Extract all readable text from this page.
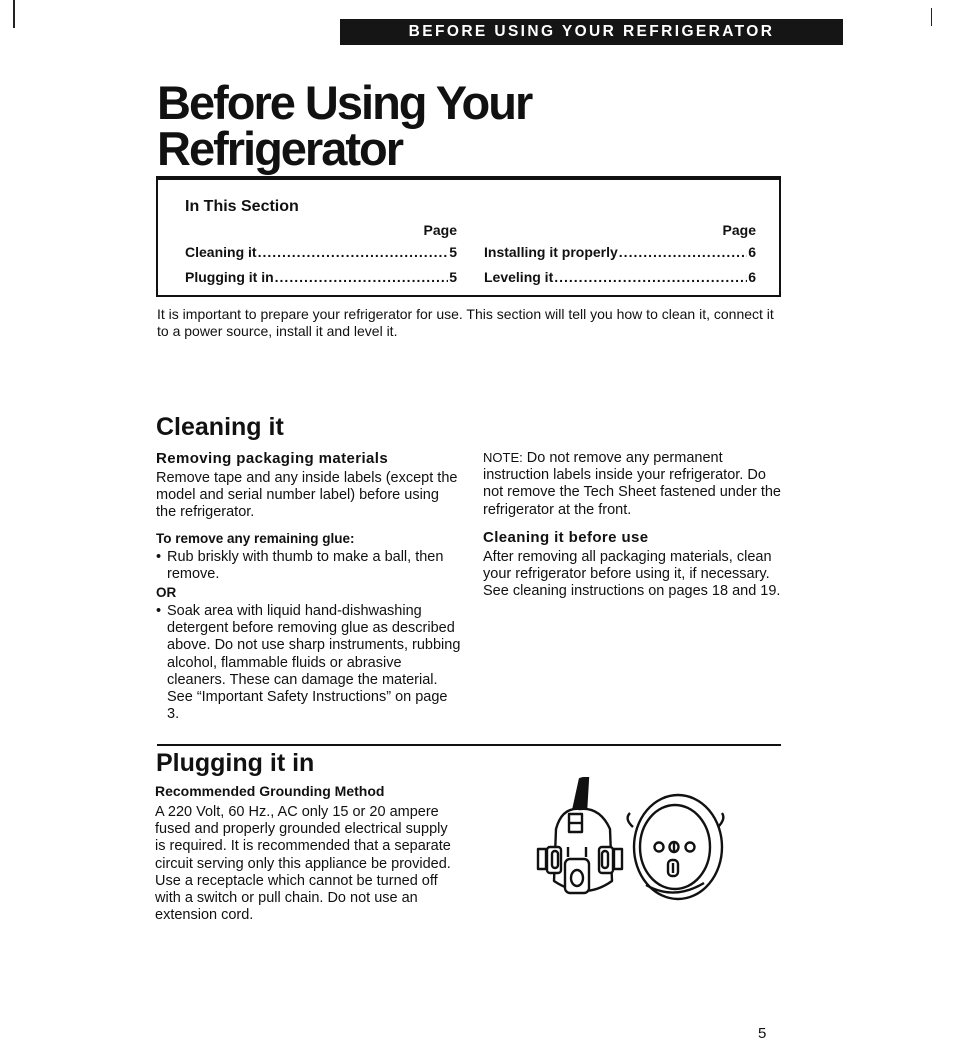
BEFORE USING YOUR REFRIGERATOR
Before Using Your
Refrigerator
In This Section
Page
Cleaning it .....	5
Plugging it in .....	5
Page
Installing it properly .....	6
Leveling it .....	6
It is important to prepare your refrigerator for use. This section will tell you how to clean it, connect it to a power source, install it and level it.
Cleaning it
Removing packaging materials
Remove tape and any inside labels (except the model and serial number label) before using the refrigerator.
To remove any remaining glue:
• Rub briskly with thumb to make a ball, then remove.
OR
• Soak area with liquid hand-dishwashing detergent before removing glue as described above. Do not use sharp instruments, rubbing alcohol, flammable fluids or abrasive cleaners. These can damage the material. See “Important Safety Instructions” on page 3.
NOTE: Do not remove any permanent instruction labels inside your refrigerator. Do not remove the Tech Sheet fastened under the refrigerator at the front.
Cleaning it before use
After removing all packaging materials, clean your refrigerator before using it, if necessary. See cleaning instructions on pages 18 and 19.
Plugging it in
Recommended Grounding Method
A 220 Volt, 60 Hz., AC only 15 or 20 ampere fused and properly grounded electrical supply is required. It is recommended that a separate circuit serving only this appliance be provided. Use a receptacle which cannot be turned off with a switch or pull chain. Do not use an extension cord.
5
